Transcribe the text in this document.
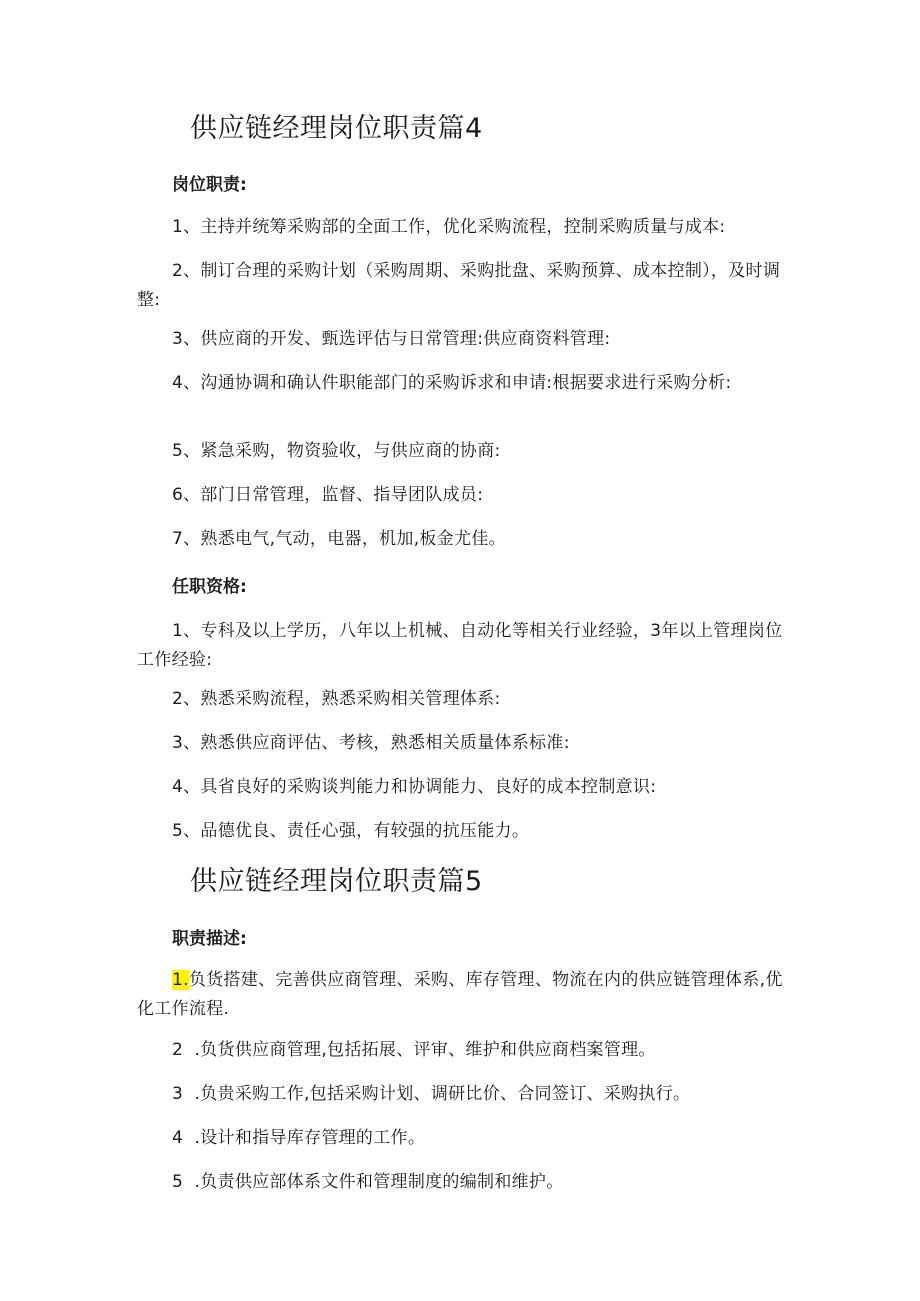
供应链经理岗位职责篇4
岗位职责:

1、主持并统筹采购部的全面工作，优化采购流程，控制采购质量与成本:

2、制订合理的采购计划（采购周期、采购批盘、采购预算、成本控制），及时调整:

3、供应商的开发、甄选评估与日常管理:供应商资料管理:

4、沟通协调和确认件职能部门的采购诉求和申请:根据要求进行采购分析:

5、紧急采购，物资验收，与供应商的协商:

6、部门日常管理，监督、指导团队成员:

7、熟悉电气,气动，电器，机加,板金尤佳。

任职资格:

1、专科及以上学历，八年以上机械、自动化等相关行业经验，3年以上管理岗位工作经验:

2、熟悉采购流程，熟悉采购相关管理体系:

3、熟悉供应商评估、考核，熟悉相关质量体系标准:

4、具省良好的采购谈判能力和协调能力、良好的成本控制意识:

5、品德优良、责任心强，有较强的抗压能力。

供应链经理岗位职责篇5
职责描述:

1.负货搭建、完善供应商管理、采购、库存管理、物流在内的供应链管理体系,优化工作流程.

2  .负货供应商管理,包括拓展、评审、维护和供应商档案管理。

3  .负贵采购工作,包括采购计划、调研比价、合同签订、采购执行。

4  .设计和指导库存管理的工作。

5  .负责供应部体系文件和管理制度的编制和维护。
